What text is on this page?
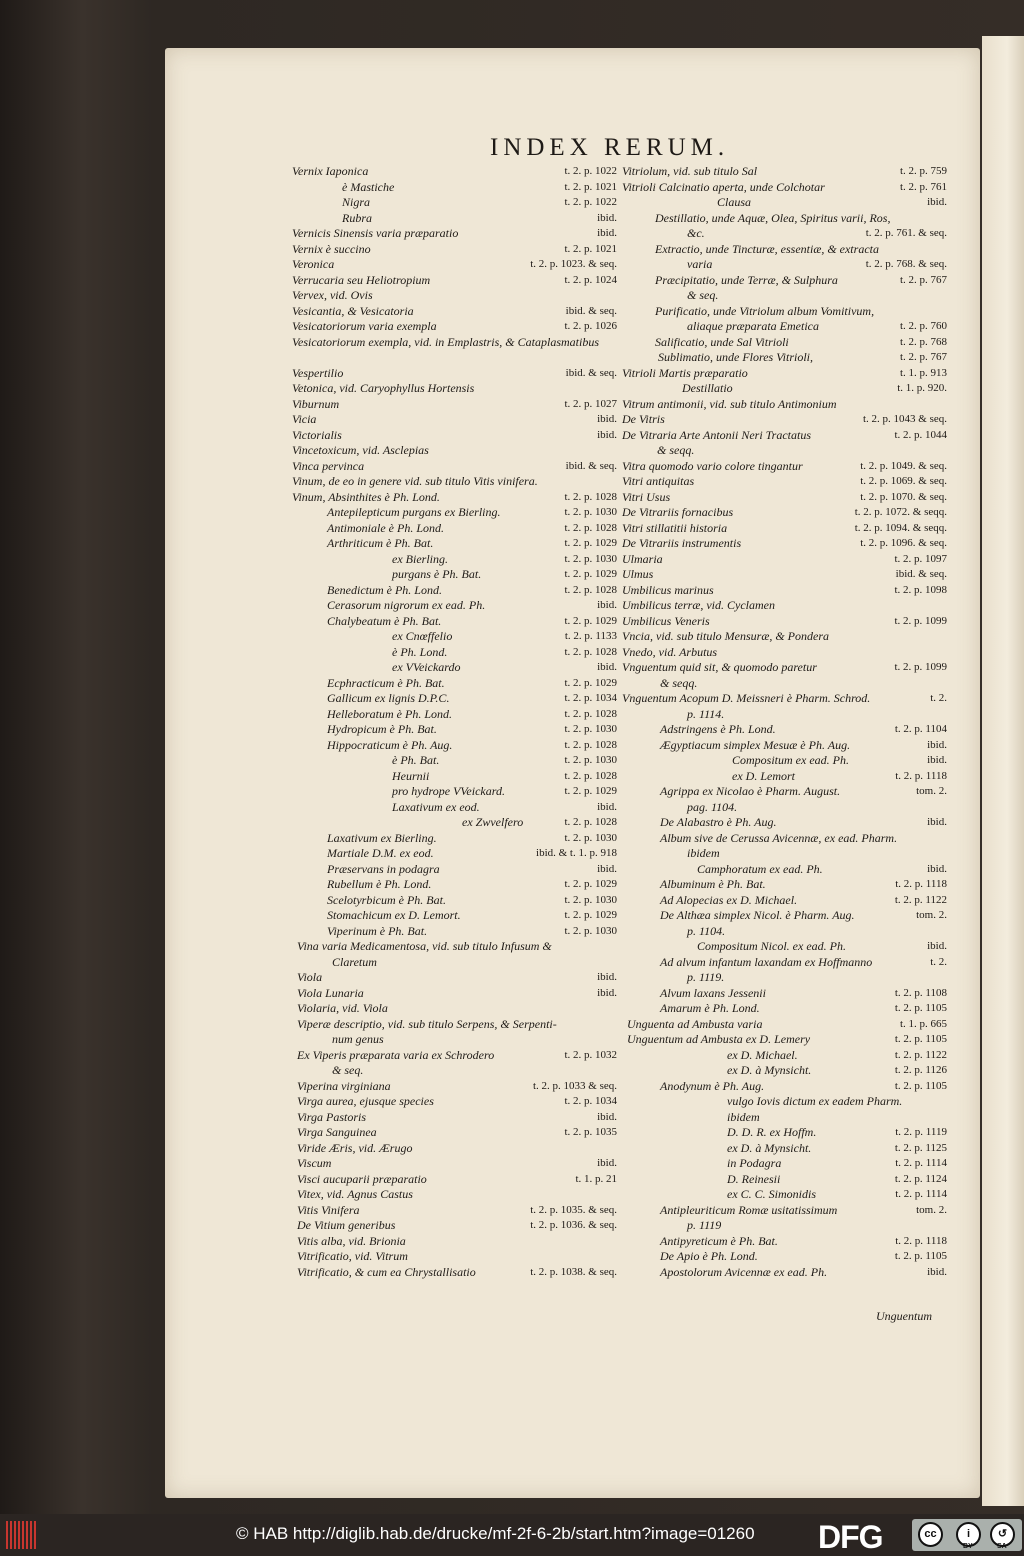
INDEX RERUM.
Vernix Iaponica	t. 2. p. 1022
è Mastiche	t. 2. p. 1021
Nigra	t. 2. p. 1022
Rubra	ibid.
Vernicis Sinensis varia præparatio	ibid.
Vernix è succino	t. 2. p. 1021
Veronica	t. 2. p. 1023. & seq.
Verrucaria seu Heliotropium	t. 2. p. 1024
Vervex, vid. Ovis
Vesicantia, & Vesicatoria	ibid. & seq.
Vesicatoriorum varia exempla	t. 2. p. 1026
Vesicatoriorum exempla, vid. in Emplastris, & Cataplasmatibus
Vespertilio	ibid. & seq.
Vetonica, vid. Caryophyllus Hortensis
Viburnum	t. 2. p. 1027
Vicia	ibid.
Victorialis	ibid.
Vincetoxicum, vid. Asclepias
Vinca pervinca	ibid. & seq.
Vinum, de eo in genere vid. sub titulo Vitis vinifera.
Vinum, Absinthites è Ph. Lond.	t. 2. p. 1028
Antepilepticum purgans ex Bierling.	t. 2. p. 1030
Antimoniale è Ph. Lond.	t. 2. p. 1028
Arthriticum è Ph. Bat.	t. 2. p. 1029
ex Bierling.	t. 2. p. 1030
purgans è Ph. Bat.	t. 2. p. 1029
Benedictum è Ph. Lond.	t. 2. p. 1028
Cerasorum nigrorum ex ead. Ph.	ibid.
Chalybeatum è Ph. Bat.	t. 2. p. 1029
ex Cnœffelio	t. 2. p. 1133
è Ph. Lond.	t. 2. p. 1028
ex VVeickardo	ibid.
Ecphracticum è Ph. Bat.	t. 2. p. 1029
Gallicum ex lignis D.P.C.	t. 2. p. 1034
Helleboratum è Ph. Lond.	t. 2. p. 1028
Hydropicum è Ph. Bat.	t. 2. p. 1030
Hippocraticum è Ph. Aug.	t. 2. p. 1028
è Ph. Bat.	t. 2. p. 1030
Heurnii	t. 2. p. 1028
pro hydrope VVeickard.	t. 2. p. 1029
Laxativum ex eod.	ibid.
ex Zwvelfero	t. 2. p. 1028
Laxativum ex Bierling.	t. 2. p. 1030
Martiale D.M. ex eod.	ibid. & t. 1. p. 918
Præservans in podagra	ibid.
Rubellum è Ph. Lond.	t. 2. p. 1029
Scelotyrbicum è Ph. Bat.	t. 2. p. 1030
Stomachicum ex D. Lemort.	t. 2. p. 1029
Viperinum è Ph. Bat.	t. 2. p. 1030
Vina varia Medicamentosa, vid. sub titulo Infusum &
Claretum
Viola	ibid.
Viola Lunaria	ibid.
Violaria, vid. Viola
Viperæ descriptio, vid. sub titulo Serpens, & Serpenti-
num genus
Ex Viperis præparata varia ex Schrodero	t. 2. p. 1032
& seq.
Viperina virginiana	t. 2. p. 1033 & seq.
Virga aurea, ejusque species	t. 2. p. 1034
Virga Pastoris	ibid.
Virga Sanguinea	t. 2. p. 1035
Viride Æris, vid. Ærugo
Viscum	ibid.
Visci aucuparii præparatio	t. 1. p. 21
Vitex, vid. Agnus Castus
Vitis Vinifera	t. 2. p. 1035. & seq.
De Vitium generibus	t. 2. p. 1036. & seq.
Vitis alba, vid. Brionia
Vitrificatio, vid. Vitrum
Vitrificatio, & cum ea Chrystallisatio	t. 2. p. 1038. & seq.
Vitriolum, vid. sub titulo Sal	t. 2. p. 759
Vitrioli Calcinatio aperta, unde Colchotar	t. 2. p. 761
Clausa	ibid.
Destillatio, unde Aquæ, Olea, Spiritus varii, Ros,
&c.	t. 2. p. 761. & seq.
Extractio, unde Tincturæ, essentiæ, & extracta
varia	t. 2. p. 768. & seq.
Præcipitatio, unde Terræ, & Sulphura	t. 2. p. 767
& seq.
Purificatio, unde Vitriolum album Vomitivum,
aliaque præparata Emetica	t. 2. p. 760
Salificatio, unde Sal Vitrioli	t. 2. p. 768
Sublimatio, unde Flores Vitrioli,	t. 2. p. 767
Vitrioli Martis præparatio	t. 1. p. 913
Destillatio	t. 1. p. 920.
Vitrum antimonii, vid. sub titulo Antimonium
De Vitris	t. 2. p. 1043 & seq.
De Vitraria Arte Antonii Neri Tractatus	t. 2. p. 1044
& seqq.
Vitra quomodo vario colore tingantur	t. 2. p. 1049. & seq.
Vitri antiquitas	t. 2. p. 1069. & seq.
Vitri Usus	t. 2. p. 1070. & seq.
De Vitrariis fornacibus	t. 2. p. 1072. & seqq.
Vitri stillatitii historia	t. 2. p. 1094. & seqq.
De Vitrariis instrumentis	t. 2. p. 1096. & seq.
Ulmaria	t. 2. p. 1097
Ulmus	ibid. & seq.
Umbilicus marinus	t. 2. p. 1098
Umbilicus terræ, vid. Cyclamen
Umbilicus Veneris	t. 2. p. 1099
Vncia, vid. sub titulo Mensuræ, & Pondera
Vnedo, vid. Arbutus
Vnguentum quid sit, & quomodo paretur	t. 2. p. 1099
& seqq.
Vnguentum Acopum D. Meissneri è Pharm. Schrod.	t. 2.
p. 1114.
Adstringens è Ph. Lond.	t. 2. p. 1104
Ægyptiacum simplex Mesuæ è Ph. Aug.	ibid.
Compositum ex ead. Ph.	ibid.
ex D. Lemort	t. 2. p. 1118
Agrippa ex Nicolao è Pharm. August.	tom. 2.
pag. 1104.
De Alabastro è Ph. Aug.	ibid.
Album sive de Cerussa Avicennæ, ex ead. Pharm.
ibidem
Camphoratum ex ead. Ph.	ibid.
Albuminum è Ph. Bat.	t. 2. p. 1118
Ad Alopecias ex D. Michael.	t. 2. p. 1122
De Althæa simplex Nicol. è Pharm. Aug.	tom. 2.
p. 1104.
Compositum Nicol. ex ead. Ph.	ibid.
Ad alvum infantum laxandam ex Hoffmanno	t. 2.
p. 1119.
Alvum laxans Jessenii	t. 2. p. 1108
Amarum è Ph. Lond.	t. 2. p. 1105
Unguenta ad Ambusta varia	t. 1. p. 665
Unguentum ad Ambusta ex D. Lemery	t. 2. p. 1105
ex D. Michael.	t. 2. p. 1122
ex D. à Mynsicht.	t. 2. p. 1126
Anodynum è Ph. Aug.	t. 2. p. 1105
vulgo Iovis dictum ex eadem Pharm.
ibidem
D. D. R. ex Hoffm.	t. 2. p. 1119
ex D. à Mynsicht.	t. 2. p. 1125
in Podagra	t. 2. p. 1114
D. Reinesii	t. 2. p. 1124
ex C. C. Simonidis	t. 2. p. 1114
Antipleuriticum Romæ usitatissimum	tom. 2.
p. 1119
Antipyreticum è Ph. Bat.	t. 2. p. 1118
De Apio è Ph. Lond.	t. 2. p. 1105
Apostolorum Avicennæ ex ead. Ph.	ibid.
Unguentum
© HAB http://diglib.hab.de/drucke/mf-2f-6-2b/start.htm?image=01260 DFG	cc	i	↺
BY	SA
